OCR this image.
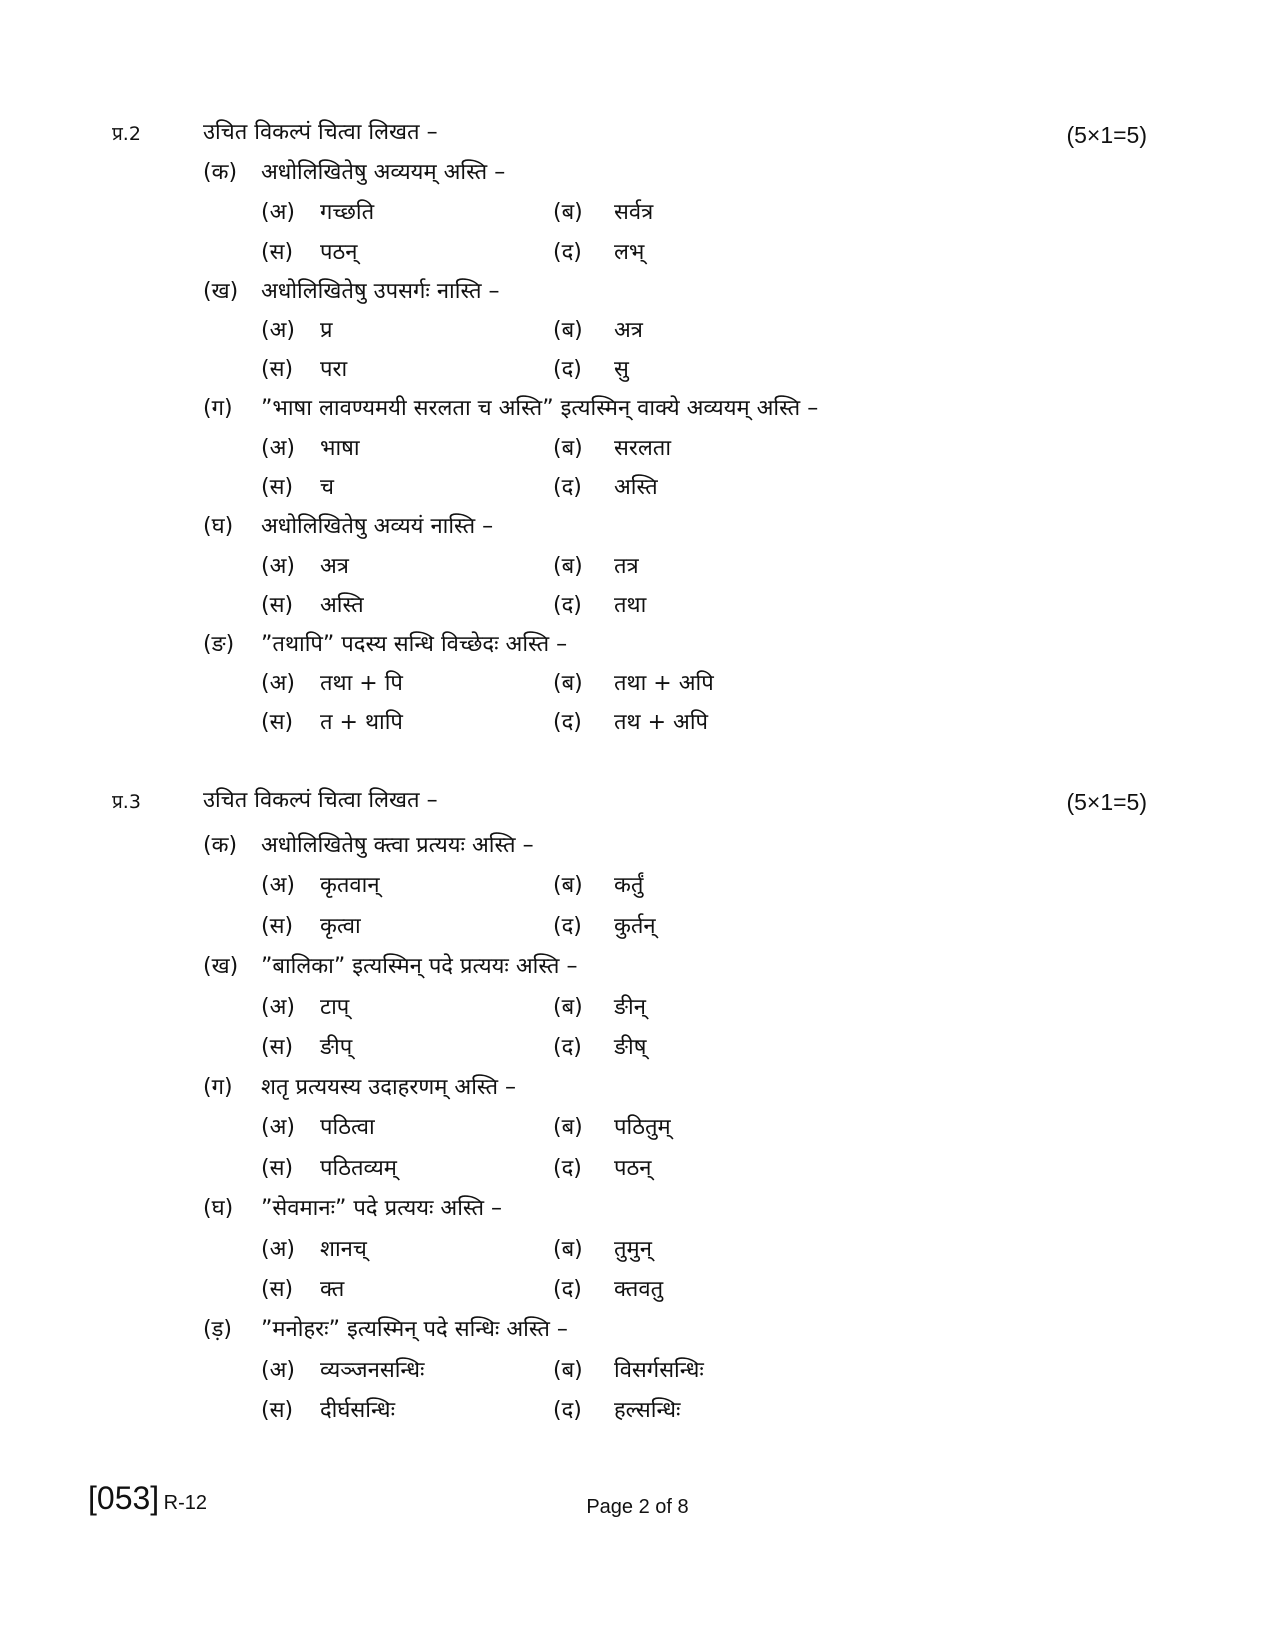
प्र.2	उचित विकल्पं चित्वा लिखत –	(5×1=5)
(क) अधोलिखितेषु अव्ययम् अस्ति –
(अ) गच्छति	(ब) सर्वत्र
(स) पठन्	(द) लभ्
(ख) अधोलिखितेषु उपसर्गः नास्ति –
(अ) प्र	(ब) अत्र
(स) परा	(द) सु
(ग) ”भाषा लावण्यमयी सरलता च अस्ति” इत्यस्मिन् वाक्ये अव्ययम् अस्ति –
(अ) भाषा	(ब) सरलता
(स) च	(द) अस्ति
(घ) अधोलिखितेषु अव्ययं नास्ति –
(अ) अत्र	(ब) तत्र
(स) अस्ति	(द) तथा
(ङ) ”तथापि” पदस्य सन्धि विच्छेदः अस्ति –
(अ) तथा + पि	(ब) तथा + अपि
(स) त + थापि	(द) तथ + अपि
प्र.3	उचित विकल्पं चित्वा लिखत –	(5×1=5)
(क) अधोलिखितेषु क्त्वा प्रत्ययः अस्ति –
(अ) कृतवान्	(ब) कर्तुं
(स) कृत्वा	(द) कुर्तन्
(ख) ”बालिका” इत्यस्मिन् पदे प्रत्ययः अस्ति –
(अ) टाप्	(ब) ङीन्
(स) ङीप्	(द) ङीष्
(ग) शतृ प्रत्ययस्य उदाहरणम् अस्ति –
(अ) पठित्वा	(ब) पठितुम्
(स) पठितव्यम्	(द) पठन्
(घ) ”सेवमानः” पदे प्रत्ययः अस्ति –
(अ) शानच्	(ब) तुमुन्
(स) क्त	(द) क्तवतु
(ड़) ”मनोहरः” इत्यस्मिन् पदे सन्धिः अस्ति –
(अ) व्यञ्जनसन्धिः	(ब) विसर्गसन्धिः
(स) दीर्घसन्धिः	(द) हल्सन्धिः
[053] R-12	Page 2 of 8
